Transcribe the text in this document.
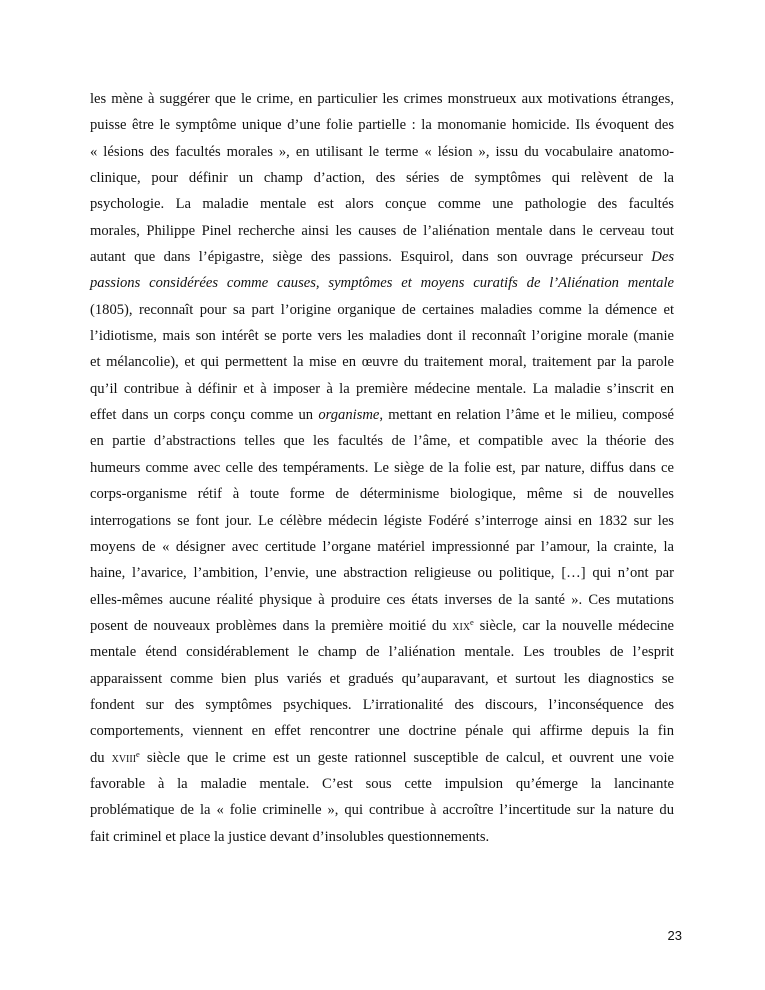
les mène à suggérer que le crime, en particulier les crimes monstrueux aux motivations étranges,
puisse être le symptôme unique d’une folie partielle : la monomanie homicide. Ils évoquent des
« lésions des facultés morales », en utilisant le terme « lésion », issu du vocabulaire anatomo-
clinique, pour définir un champ d’action, des séries de symptômes qui relèvent de la
psychologie. La maladie mentale est alors conçue comme une pathologie des facultés
morales, Philippe Pinel recherche ainsi les causes de l’aliénation mentale dans le cerveau tout
autant que dans l’épigastre, siège des passions. Esquirol, dans son ouvrage précurseur Des
passions considérées comme causes, symptômes et moyens curatifs de l’Aliénation mentale
(1805), reconnaît pour sa part l’origine organique de certaines maladies comme la démence et
l’idiotisme, mais son intérêt se porte vers les maladies dont il reconnaît l’origine morale (manie
et mélancolie), et qui permettent la mise en œuvre du traitement moral, traitement par la parole
qu’il contribue à définir et à imposer à la première médecine mentale. La maladie s’inscrit en
effet dans un corps conçu comme un organisme, mettant en relation l’âme et le milieu, composé
en partie d’abstractions telles que les facultés de l’âme, et compatible avec la théorie des
humeurs comme avec celle des tempéraments. Le siège de la folie est, par nature, diffus dans ce
corps-organisme rétif à toute forme de déterminisme biologique, même si de nouvelles
interrogations se font jour. Le célèbre médecin légiste Fodéré s’interroge ainsi en 1832 sur les
moyens de « désigner avec certitude l’organe matériel impressionné par l’amour, la crainte, la
haine, l’avarice, l’ambition, l’envie, une abstraction religieuse ou politique, […] qui n’ont par
elles-mêmes aucune réalité physique à produire ces états inverses de la santé ». Ces mutations
posent de nouveaux problèmes dans la première moitié du xix$^e$ siècle, car la nouvelle médecine
mentale étend considérablement le champ de l’aliénation mentale. Les troubles de l’esprit
apparaissent comme bien plus variés et gradués qu’auparavant, et surtout les diagnostics se
fondent sur des symptômes psychiques. L’irrationalité des discours, l’inconséquence des
comportements, viennent en effet rencontrer une doctrine pénale qui affirme depuis la fin
du xviii$^e$ siècle que le crime est un geste rationnel susceptible de calcul, et ouvrent une voie
favorable à la maladie mentale. C’est sous cette impulsion qu’émerge la lancinante
problématique de la « folie criminelle », qui contribue à accroître l’incertitude sur la nature du
fait criminel et place la justice devant d’insolubles questionnements.
23
